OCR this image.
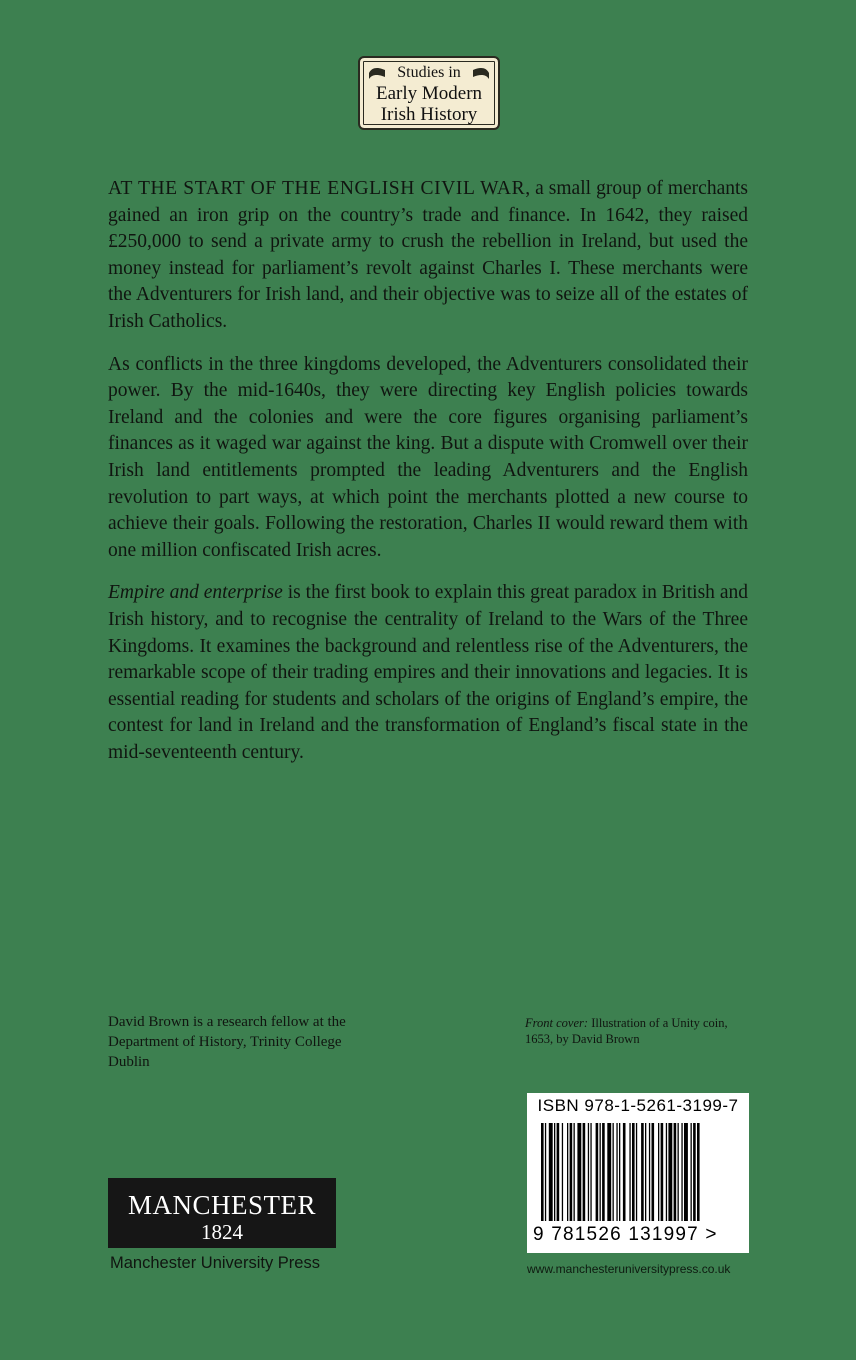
Studies in
Early Modern
Irish History

AT THE START OF THE ENGLISH CIVIL WAR, a small group of merchants gained an iron grip on the country’s trade and finance. In 1642, they raised £250,000 to send a private army to crush the rebellion in Ireland, but used the money instead for parliament’s revolt against Charles I. These merchants were the Adventurers for Irish land, and their objective was to seize all of the estates of Irish Catholics.

As conflicts in the three kingdoms developed, the Adventurers consolidated their power. By the mid-1640s, they were directing key English policies towards Ireland and the colonies and were the core figures organising parliament’s finances as it waged war against the king. But a dispute with Cromwell over their Irish land entitlements prompted the leading Adventurers and the English revolution to part ways, at which point the merchants plotted a new course to achieve their goals. Following the restoration, Charles II would reward them with one million confiscated Irish acres.

Empire and enterprise is the first book to explain this great paradox in British and Irish history, and to recognise the centrality of Ireland to the Wars of the Three Kingdoms. It examines the background and relentless rise of the Adventurers, the remarkable scope of their trading empires and their innovations and legacies. It is essential reading for students and scholars of the origins of England’s empire, the contest for land in Ireland and the transformation of England’s fiscal state in the mid-seventeenth century.

David Brown is a research fellow at the Department of History, Trinity College Dublin
Front cover: Illustration of a Unity coin, 1653, by David Brown
ISBN 978-1-5261-3199-7
9 781526 131997 >
www.manchesteruniversitypress.co.uk
MANCHESTER
1824
Manchester University Press
